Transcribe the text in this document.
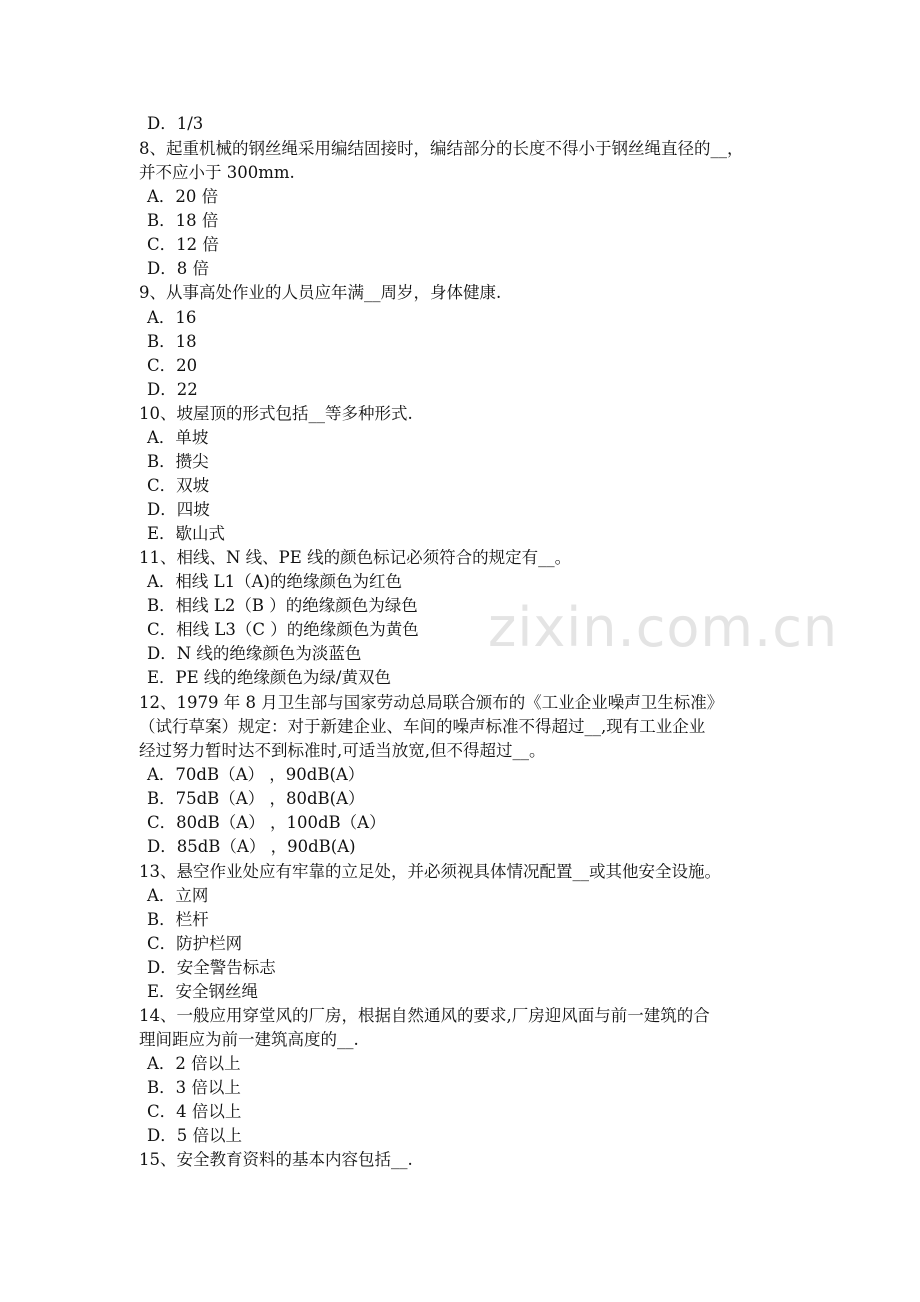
zixin.com.cn
D．1/3
8、起重机械的钢丝绳采用编结固接时，编结部分的长度不得小于钢丝绳直径的__，
并不应小于 300mm.
A．20 倍
B．18 倍
C．12 倍
D．8 倍
9、从事高处作业的人员应年满__周岁，身体健康.
A．16
B．18
C．20
D．22
10、坡屋顶的形式包括__等多种形式.
A．单坡
B．攒尖
C．双坡
D．四坡
E．歇山式
11、相线、N 线、PE 线的颜色标记必须符合的规定有__。
A．相线 L1（A)的绝缘颜色为红色
B．相线 L2（B ）的绝缘颜色为绿色
C．相线 L3（C ）的绝缘颜色为黄色
D．N 线的绝缘颜色为淡蓝色
E．PE 线的绝缘颜色为绿/黄双色
12、1979 年 8 月卫生部与国家劳动总局联合颁布的《工业企业噪声卫生标准》
（试行草案）规定：对于新建企业、车间的噪声标准不得超过__,现有工业企业
经过努力暂时达不到标准时,可适当放宽,但不得超过__。
A．70dB（A） ，90dB(A）
B．75dB（A） ，80dB(A）
C．80dB（A） ，100dB（A）
D．85dB（A） ，90dB(A)
13、悬空作业处应有牢靠的立足处，并必须视具体情况配置__或其他安全设施。
A．立网
B．栏杆
C．防护栏网
D．安全警告标志
E．安全钢丝绳
14、一般应用穿堂风的厂房，根据自然通风的要求,厂房迎风面与前一建筑的合
理间距应为前一建筑高度的__.
A．2 倍以上
B．3 倍以上
C．4 倍以上
D．5 倍以上
15、安全教育资料的基本内容包括__.
